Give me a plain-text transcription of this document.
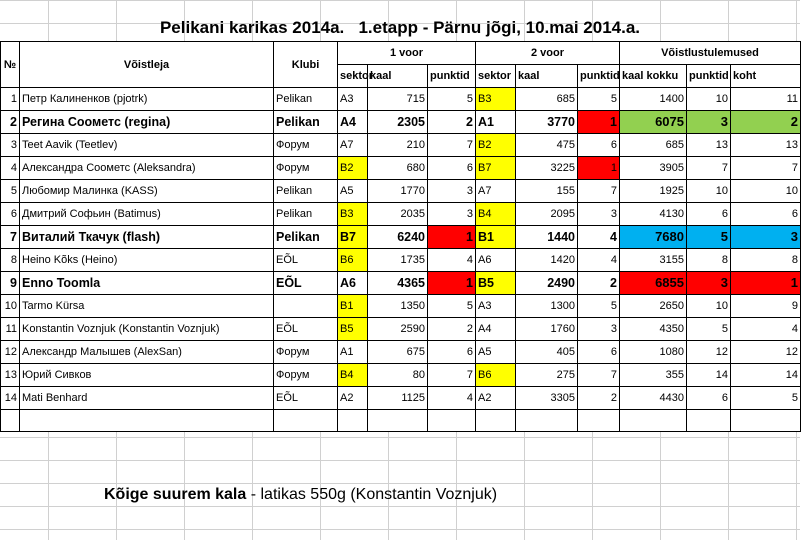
Pelikani karikas 2014a.   1.etapp - Pärnu jõgi, 10.mai 2014.a.
№	Võistleja	Klubi	1 voor			2 voor			Võistlustulemused		
			sektor	kaal	punktid	sektor	kaal	punktid	kaal kokku	punktid	koht
1	Петр Калиненков (pjotrk)	Pelikan	A3	715	5	B3	685	5	1400	10	11
2	Регина Соометс (regina)	Pelikan	A4	2305	2	A1	3770	1	6075	3	2
3	Teet Aavik (Teetlev)	Форум	A7	210	7	B2	475	6	685	13	13
4	Александра Соометс (Aleksandra)	Форум	B2	680	6	B7	3225	1	3905	7	7
5	Любомир Малинка (KASS)	Pelikan	A5	1770	3	A7	155	7	1925	10	10
6	Дмитрий Софьин (Batimus)	Pelikan	B3	2035	3	B4	2095	3	4130	6	6
7	Виталий Ткачук (flash)	Pelikan	B7	6240	1	B1	1440	4	7680	5	3
8	Heino Kõks (Heino)	EÕL	B6	1735	4	A6	1420	4	3155	8	8
9	Enno Toomla	EÕL	A6	4365	1	B5	2490	2	6855	3	1
10	Tarmo Kürsa		B1	1350	5	A3	1300	5	2650	10	9
11	Konstantin Voznjuk (Konstantin Voznjuk)	EÕL	B5	2590	2	A4	1760	3	4350	5	4
12	Александр Малышев (AlexSan)	Форум	A1	675	6	A5	405	6	1080	12	12
13	Юрий Сивков	Форум	B4	80	7	B6	275	7	355	14	14
14	Mati Benhard	EÕL	A2	1125	4	A2	3305	2	4430	6	5

Kõige suurem kala - latikas 550g (Konstantin Voznjuk)
